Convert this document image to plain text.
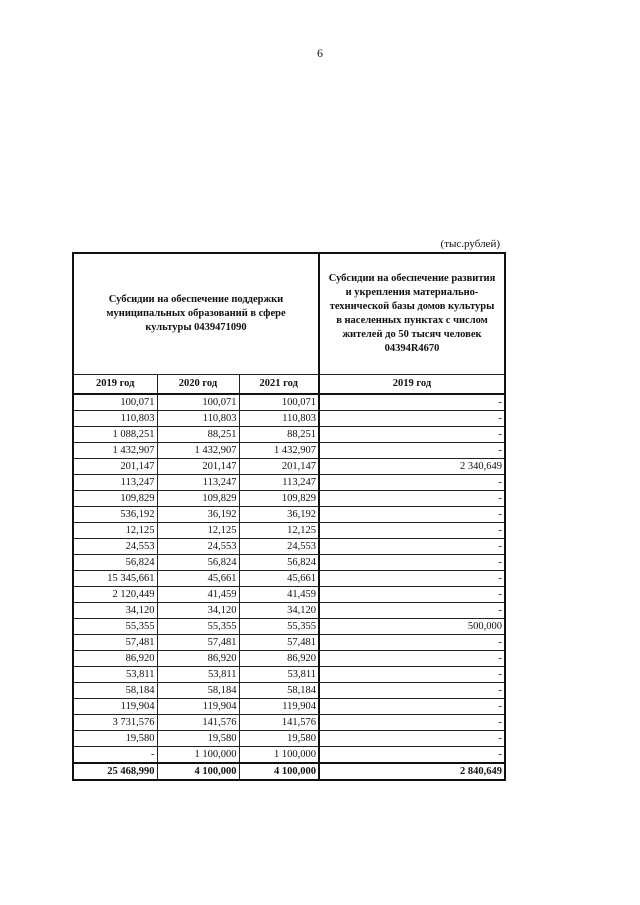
6
(тыс.рублей)
Субсидии на обеспечение поддержки муниципальных образований в сфере культуры 0439471090			Субсидии на обеспечение развития и укрепления материально-технической базы домов культуры в населенных пунктах с числом жителей до 50 тысяч человек 04394R4670
2019 год	2020 год	2021 год	2019 год
100,071	100,071	100,071	-
110,803	110,803	110,803	-
1 088,251	88,251	88,251	-
1 432,907	1 432,907	1 432,907	-
201,147	201,147	201,147	2 340,649
113,247	113,247	113,247	-
109,829	109,829	109,829	-
536,192	36,192	36,192	-
12,125	12,125	12,125	-
24,553	24,553	24,553	-
56,824	56,824	56,824	-
15 345,661	45,661	45,661	-
2 120,449	41,459	41,459	-
34,120	34,120	34,120	-
55,355	55,355	55,355	500,000
57,481	57,481	57,481	-
86,920	86,920	86,920	-
53,811	53,811	53,811	-
58,184	58,184	58,184	-
119,904	119,904	119,904	-
3 731,576	141,576	141,576	-
19,580	19,580	19,580	-
-	1 100,000	1 100,000	-
25 468,990	4 100,000	4 100,000	2 840,649
